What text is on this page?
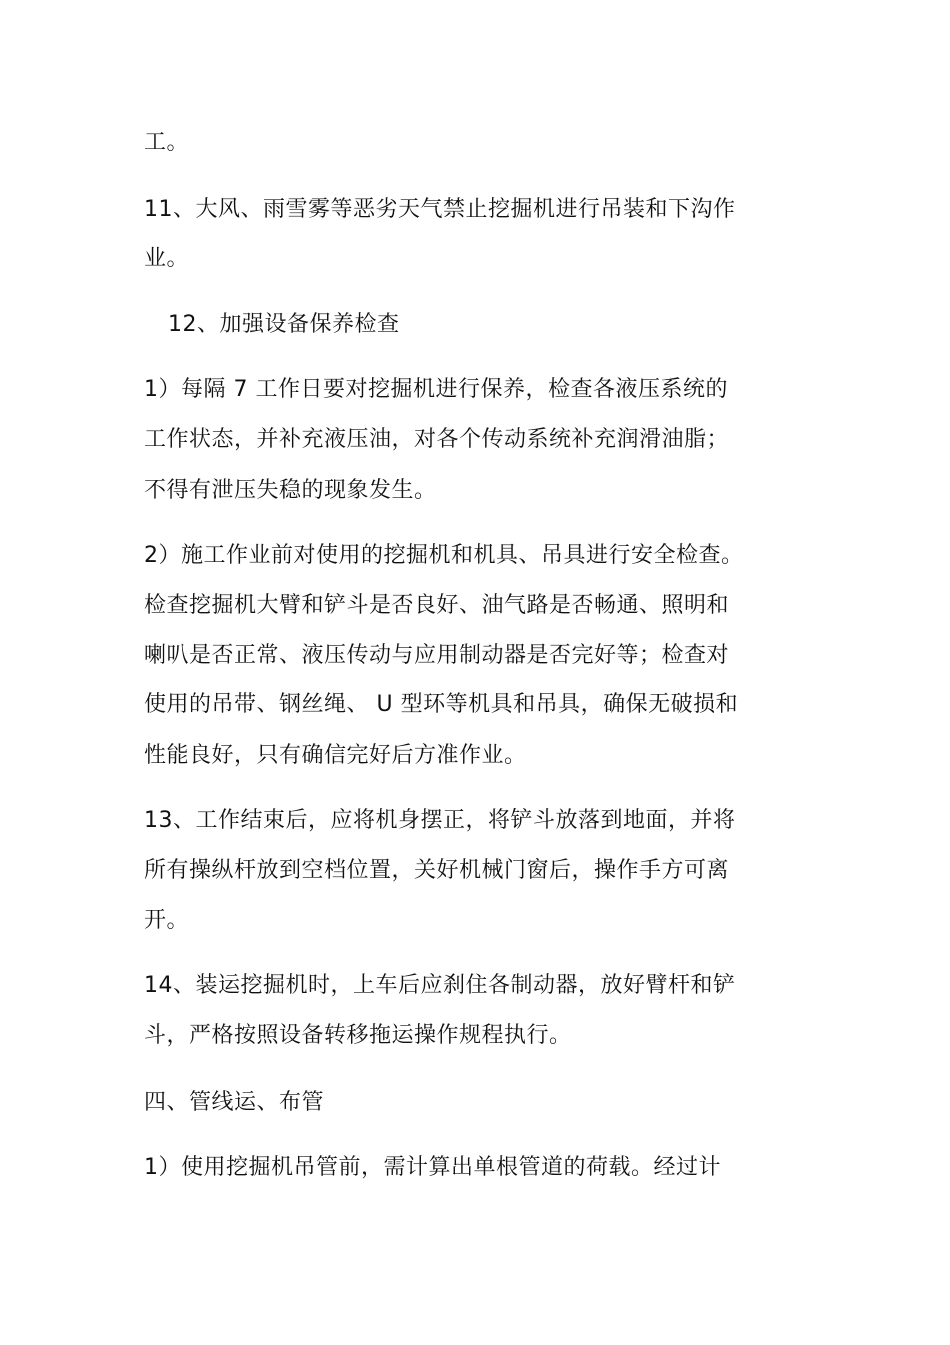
工。
11、大风、雨雪雾等恶劣天气禁止挖掘机进行吊装和下沟作
业。
12、加强设备保养检查
1）每隔 7 工作日要对挖掘机进行保养，检查各液压系统的
工作状态，并补充液压油，对各个传动系统补充润滑油脂；
不得有泄压失稳的现象发生。
2）施工作业前对使用的挖掘机和机具、吊具进行安全检查。
检查挖掘机大臂和铲斗是否良好、油气路是否畅通、照明和
喇叭是否正常、液压传动与应用制动器是否完好等；检查对
使用的吊带、钢丝绳、 U 型环等机具和吊具，确保无破损和
性能良好，只有确信完好后方准作业。
13、工作结束后，应将机身摆正，将铲斗放落到地面，并将
所有操纵杆放到空档位置，关好机械门窗后，操作手方可离
开。
14、装运挖掘机时，上车后应刹住各制动器，放好臂杆和铲
斗，严格按照设备转移拖运操作规程执行。
四、管线运、布管
1）使用挖掘机吊管前，需计算出单根管道的荷载。经过计
